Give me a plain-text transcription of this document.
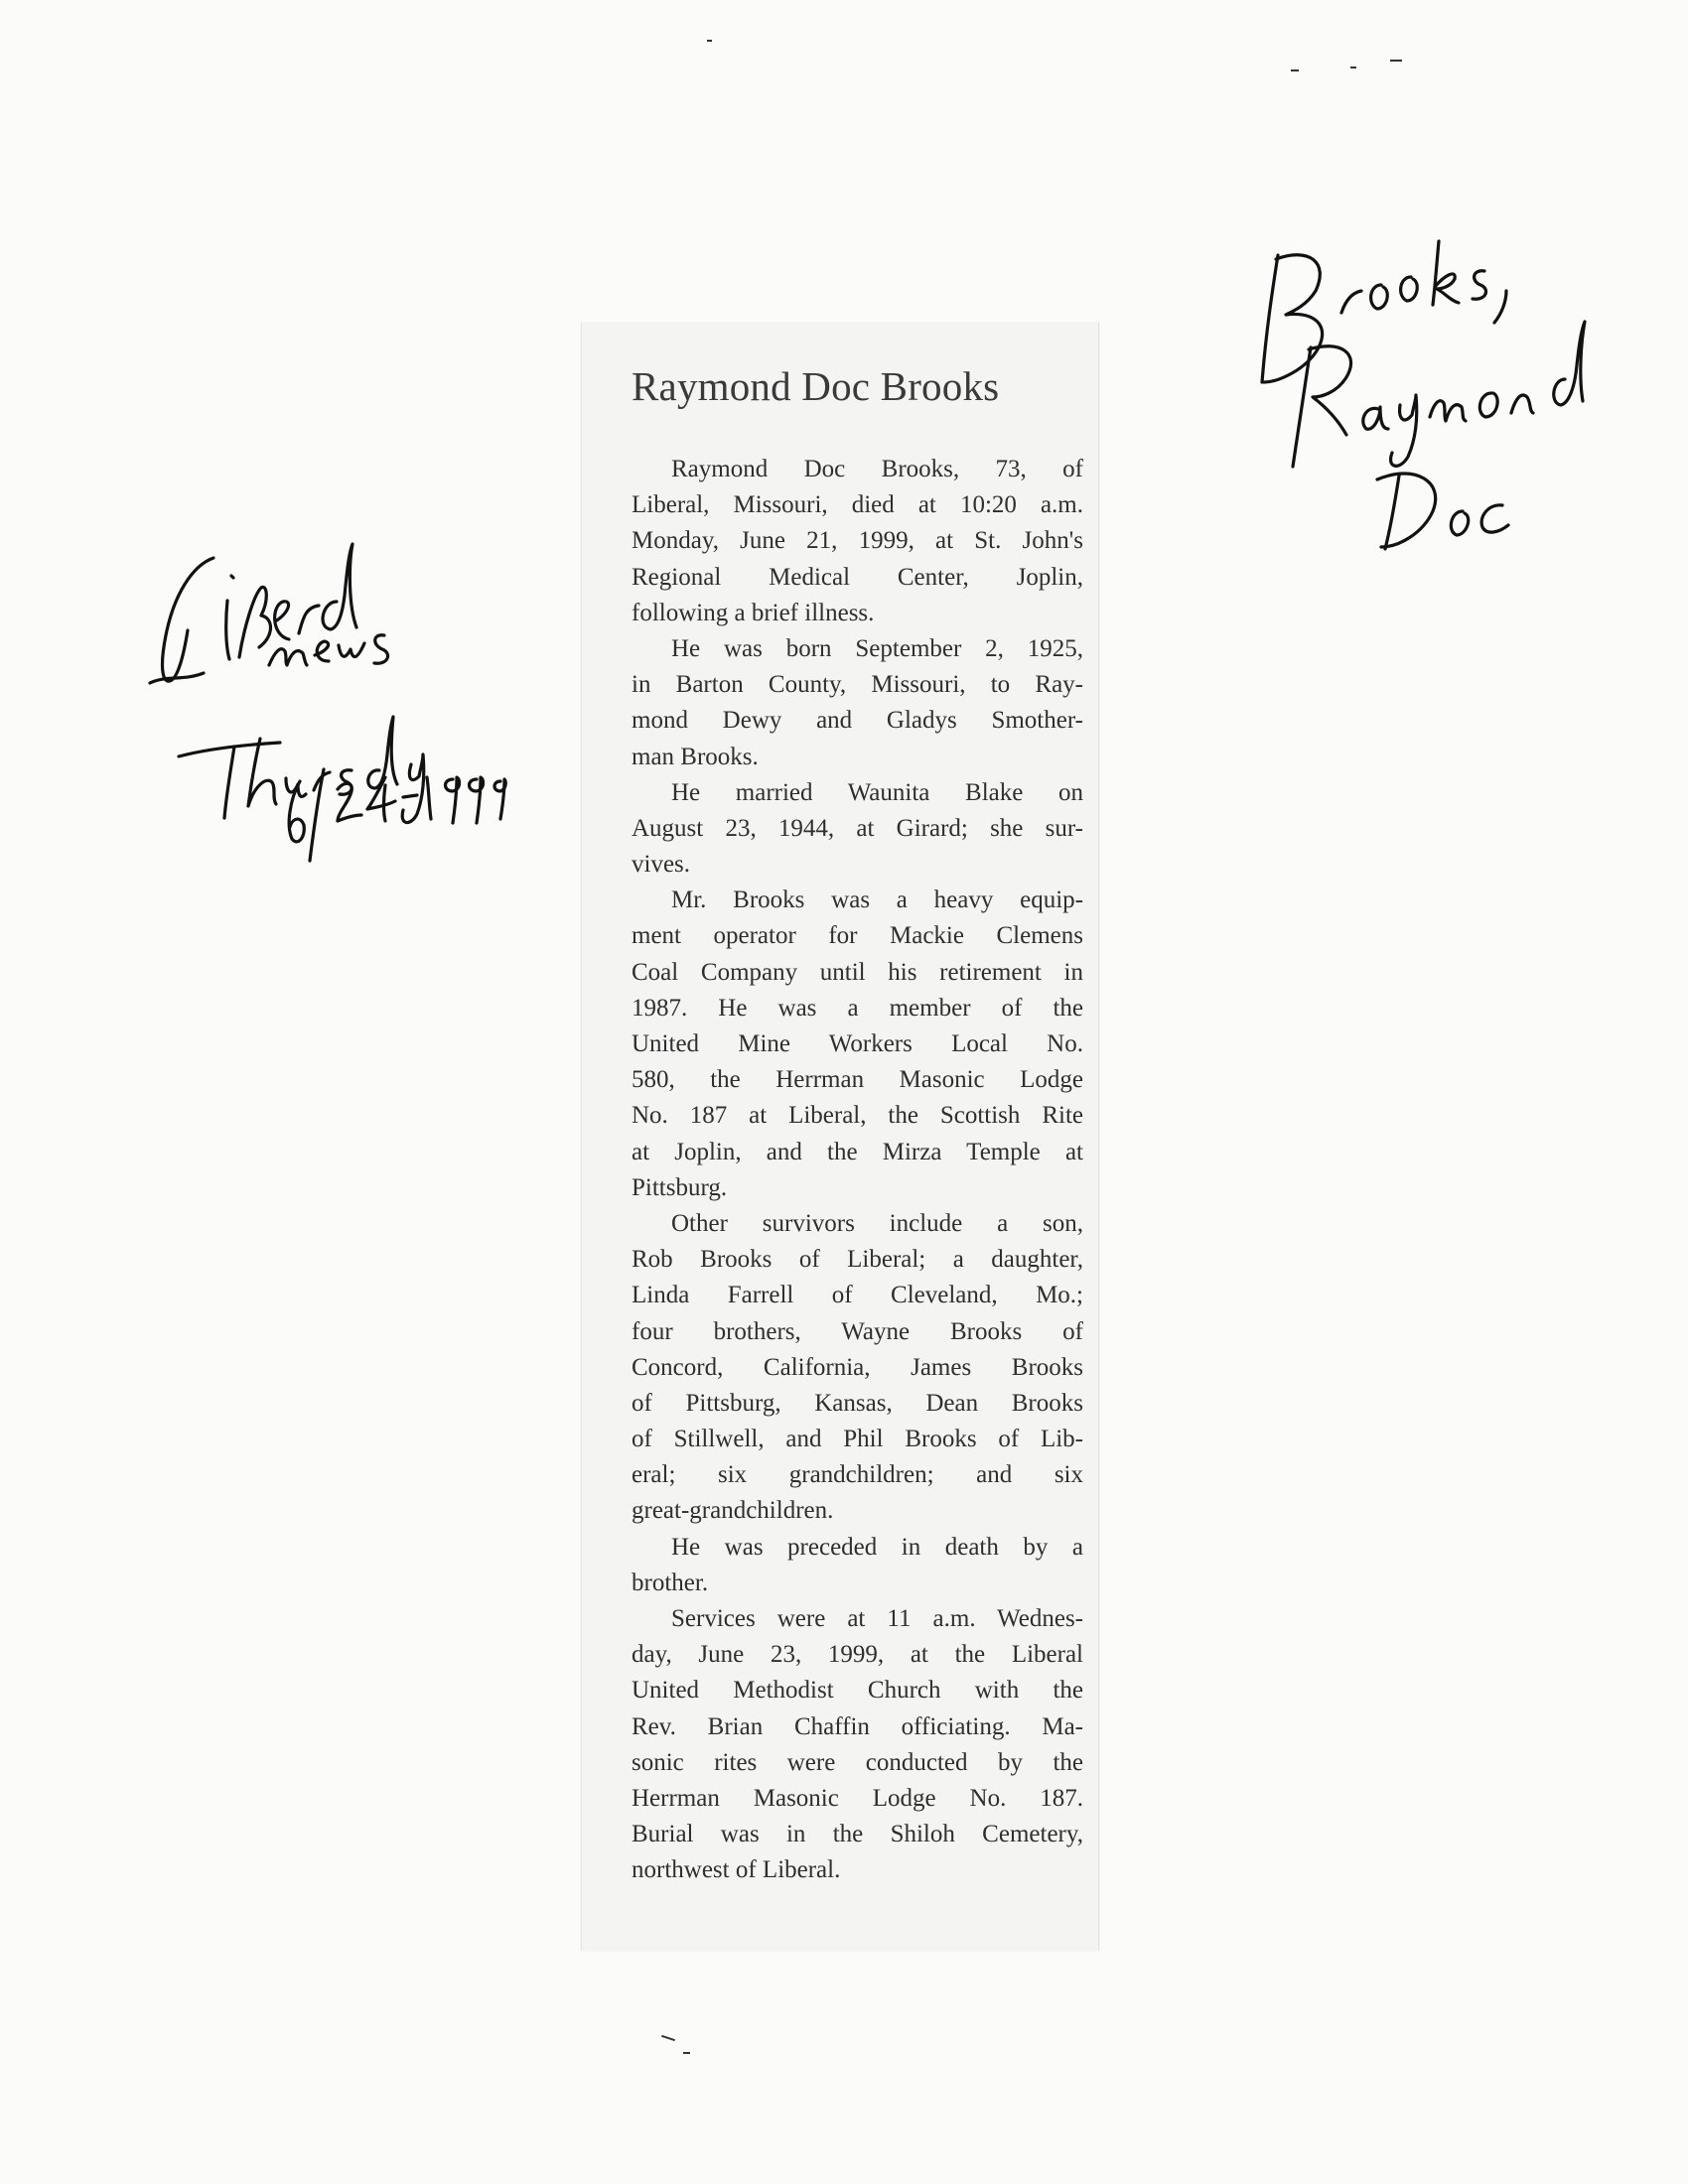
Raymond Doc Brooks
Raymond Doc Brooks, 73, of
Liberal, Missouri, died at 10:20 a.m.
Monday, June 21, 1999, at St. John's
Regional Medical Center, Joplin,
following a brief illness.
He was born September 2, 1925,
in Barton County, Missouri, to Ray-
mond Dewy and Gladys Smother-
man Brooks.
He married Waunita Blake on
August 23, 1944, at Girard; she sur-
vives.
Mr. Brooks was a heavy equip-
ment operator for Mackie Clemens
Coal Company until his retirement in
1987. He was a member of the
United Mine Workers Local No.
580, the Herrman Masonic Lodge
No. 187 at Liberal, the Scottish Rite
at Joplin, and the Mirza Temple at
Pittsburg.
Other survivors include a son,
Rob Brooks of Liberal; a daughter,
Linda Farrell of Cleveland, Mo.;
four brothers, Wayne Brooks of
Concord, California, James Brooks
of Pittsburg, Kansas, Dean Brooks
of Stillwell, and Phil Brooks of Lib-
eral; six grandchildren; and six
great-grandchildren.
He was preceded in death by a
brother.
Services were at 11 a.m. Wednes-
day, June 23, 1999, at the Liberal
United Methodist Church with the
Rev. Brian Chaffin officiating. Ma-
sonic rites were conducted by the
Herrman Masonic Lodge No. 187.
Burial was in the Shiloh Cemetery,
northwest of Liberal.
